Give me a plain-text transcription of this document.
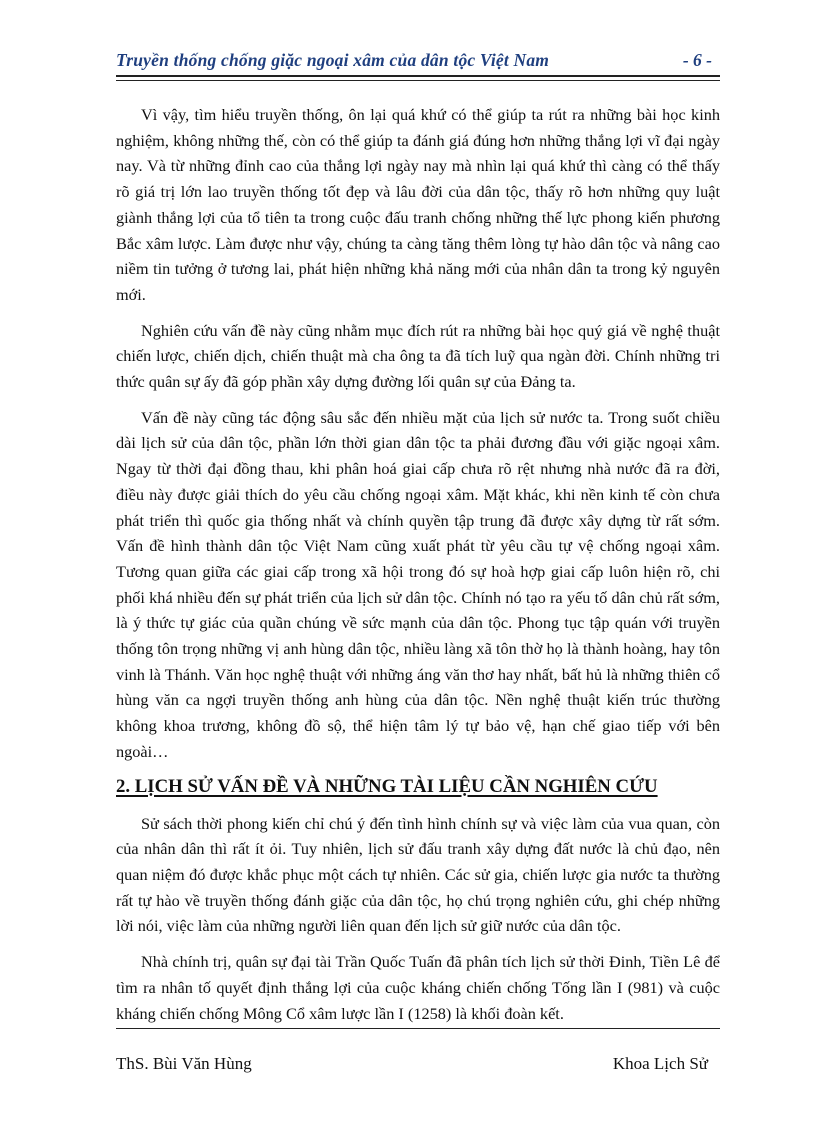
Truyền thống chống giặc ngoại xâm của dân tộc Việt Nam	- 6 -

Vì vậy, tìm hiểu truyền thống, ôn lại quá khứ có thể giúp ta rút ra những bài học kinh nghiệm, không những thế, còn có thể giúp ta đánh giá đúng hơn những thắng lợi vĩ đại ngày nay. Và từ những đỉnh cao của thắng lợi ngày nay mà nhìn lại quá khứ thì càng có thể thấy rõ giá trị lớn lao truyền thống tốt đẹp và lâu đời của dân tộc, thấy rõ hơn những quy luật giành thắng lợi của tổ tiên ta trong cuộc đấu tranh chống những thế lực phong kiến phương Bắc xâm lược. Làm được như vậy, chúng ta càng tăng thêm lòng tự hào dân tộc và nâng cao niềm tin tưởng ở tương lai, phát hiện những khả năng mới của nhân dân ta trong kỷ nguyên mới.

Nghiên cứu vấn đề này cũng nhằm mục đích rút ra những bài học quý giá về nghệ thuật chiến lược, chiến dịch, chiến thuật mà cha ông ta đã tích luỹ qua ngàn đời. Chính những tri thức quân sự ấy đã góp phần xây dựng đường lối quân sự của Đảng ta.

Vấn đề này cũng tác động sâu sắc đến nhiều mặt của lịch sử nước ta. Trong suốt chiều dài lịch sử của dân tộc, phần lớn thời gian dân tộc ta phải đương đầu với giặc ngoại xâm. Ngay từ thời đại đồng thau, khi phân hoá giai cấp chưa rõ rệt nhưng nhà nước đã ra đời, điều này được giải thích do yêu cầu chống ngoại xâm. Mặt khác, khi nền kinh tế còn chưa phát triển thì quốc gia thống nhất và chính quyền tập trung đã được xây dựng từ rất sớm. Vấn đề hình thành dân tộc Việt Nam cũng xuất phát từ yêu cầu tự vệ chống ngoại xâm. Tương quan giữa các giai cấp trong xã hội trong đó sự hoà hợp giai cấp luôn hiện rõ, chi phối khá nhiều đến sự phát triển của lịch sử dân tộc. Chính nó tạo ra yếu tố dân chủ rất sớm, là ý thức tự giác của quần chúng về sức mạnh của dân tộc. Phong tục tập quán với truyền thống tôn trọng những vị anh hùng dân tộc, nhiều làng xã tôn thờ họ là thành hoàng, hay tôn vinh là Thánh. Văn học nghệ thuật với những áng văn thơ hay nhất, bất hủ là những thiên cổ hùng văn ca ngợi truyền thống anh hùng của dân tộc. Nền nghệ thuật kiến trúc thường không khoa trương, không đồ sộ, thể hiện tâm lý tự bảo vệ, hạn chế giao tiếp với bên ngoài…

2. LỊCH SỬ VẤN ĐỀ VÀ NHỮNG TÀI LIỆU CẦN NGHIÊN CỨU

Sử sách thời phong kiến chỉ chú ý đến tình hình chính sự và việc làm của vua quan, còn của nhân dân thì rất ít ỏi. Tuy nhiên, lịch sử đấu tranh xây dựng đất nước là chủ đạo, nên quan niệm đó được khắc phục một cách tự nhiên. Các sử gia, chiến lược gia nước ta thường rất tự hào về truyền thống đánh giặc của dân tộc, họ chú trọng nghiên cứu, ghi chép những lời nói, việc làm của những người liên quan đến lịch sử giữ nước của dân tộc.

Nhà chính trị, quân sự đại tài Trần Quốc Tuấn đã phân tích lịch sử thời Đinh, Tiền Lê để tìm ra nhân tố quyết định thắng lợi của cuộc kháng chiến chống Tống lần I (981) và cuộc kháng chiến chống Mông Cổ xâm lược lần I (1258) là khối đoàn kết.

ThS. Bùi Văn Hùng	Khoa Lịch Sử
